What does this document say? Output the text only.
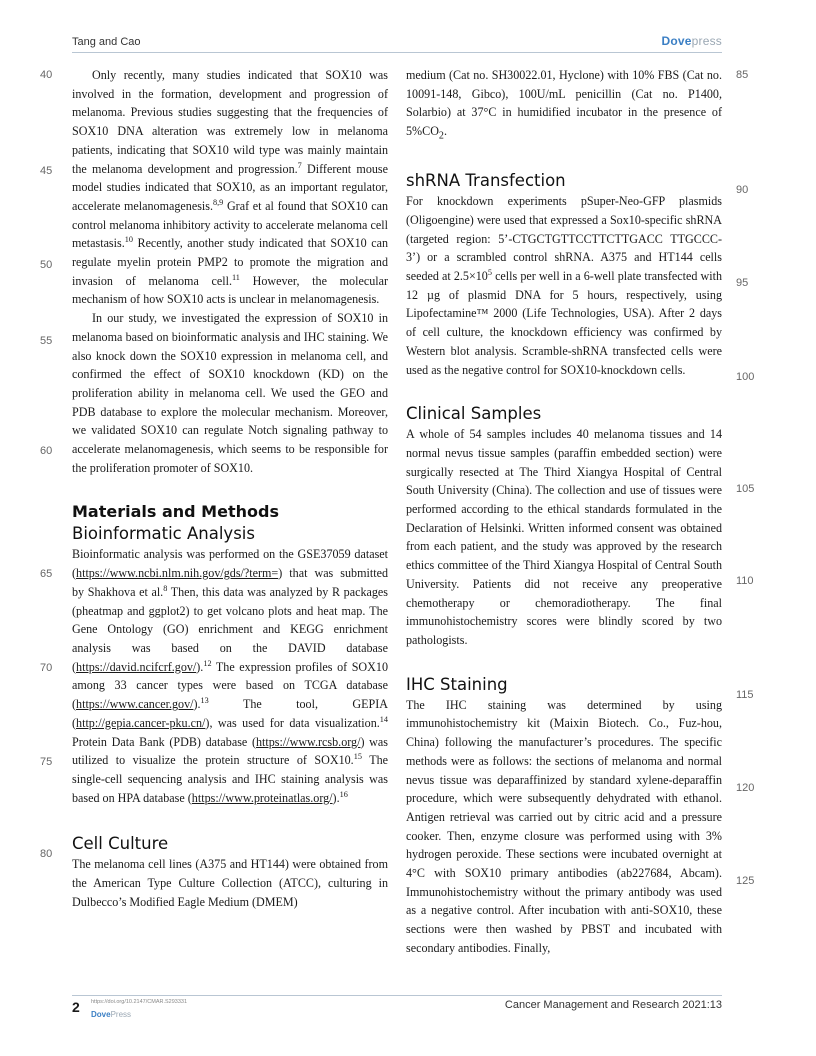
Tang and Cao	Dovepress

Only recently, many studies indicated that SOX10 was involved in the formation, development and progression of melanoma. Previous studies suggesting that the frequencies of SOX10 DNA alteration was extremely low in melanoma patients, indicating that SOX10 wild type was mainly maintain the melanoma development and progression.$^7$ Different mouse model studies indicated that SOX10, as an important regulator, accelerate melanomagenesis.$^{8,9}$ Graf et al found that SOX10 can control melanoma inhibitory activity to accelerate melanoma cell metastasis.$^{10}$ Recently, another study indicated that SOX10 can regulate myelin protein PMP2 to promote the migration and invasion of melanoma cell.$^{11}$ However, the molecular mechanism of how SOX10 acts is unclear in melanomagenesis.

In our study, we investigated the expression of SOX10 in melanoma based on bioinformatic analysis and IHC staining. We also knock down the SOX10 expression in melanoma cell, and confirmed the effect of SOX10 knockdown (KD) on the proliferation ability in melanoma cell. We used the GEO and PDB database to explore the molecular mechanism. Moreover, we validated SOX10 can regulate Notch signaling pathway to accelerate melanomagenesis, which seems to be responsible for the proliferation promoter of SOX10.

Materials and Methods
Bioinformatic Analysis

Bioinformatic analysis was performed on the GSE37059 dataset (https://www.ncbi.nlm.nih.gov/gds/?term=) that was submitted by Shakhova et al.$^8$ Then, this data was analyzed by R packages (pheatmap and ggplot2) to get volcano plots and heat map. The Gene Ontology (GO) enrichment and KEGG enrichment analysis was based on the DAVID database (https://david.ncifcrf.gov/).$^{12}$ The expression profiles of SOX10 among 33 cancer types were based on TCGA database (https://www.cancer.gov/).$^{13}$ The tool, GEPIA (http://gepia.cancer-pku.cn/), was used for data visualization.$^{14}$ Protein Data Bank (PDB) database (https://www.rcsb.org/) was utilized to visualize the protein structure of SOX10.15 The single-cell sequencing analysis and IHC staining analysis was based on HPA database (https://www.proteinatlas.org/).$^{16}$

Cell Culture

The melanoma cell lines (A375 and HT144) were obtained from the American Type Culture Collection (ATCC), culturing in Dulbecco’s Modified Eagle Medium (DMEM)

medium (Cat no. SH30022.01, Hyclone) with 10% FBS (Cat no. 10091-148, Gibco), 100U/mL penicillin (Cat no. P1400, Solarbio) at 37°C in humidified incubator in the presence of $5\%CO_2$.

shRNA Transfection

For knockdown experiments pSuper-Neo-GFP plasmids (Oligoengine) were used that expressed a Sox10-specific shRNA (targeted region: 5’-CTGCTGTTCCTTCTTGACC TTGCCC-3’) or a scrambled control shRNA. A375 and HT144 cells seeded at $2.5\times 10^5$ cells per well in a 6-well plate transfected with 12 µg of plasmid DNA for 5 hours, respectively, using Lipofectamine™ 2000 (Life Technologies, USA). After 2 days of cell culture, the knockdown efficiency was confirmed by Western blot analysis. Scramble-shRNA transfected cells were used as the negative control for SOX10-knockdown cells.

Clinical Samples

A whole of 54 samples includes 40 melanoma tissues and 14 normal nevus tissue samples (paraffin embedded section) were surgically resected at The Third Xiangya Hospital of Central South University (China). The collection and use of tissues were performed according to the ethical standards formulated in the Declaration of Helsinki. Written informed consent was obtained from each patient, and the study was approved by the research ethics committee of the Third Xiangya Hospital of Central South University. Patients did not receive any preoperative chemotherapy or chemoradiotherapy. The final immunohistochemistry scores were blindly scored by two pathologists.

IHC Staining

The IHC staining was determined by using immunohistochemistry kit (Maixin Biotech. Co., Fuz-hou, China) following the manufacturer’s procedures. The specific methods were as follows: the sections of melanoma and normal nevus tissue was deparaffinized by standard xylene-deparaffin procedure, which were subsequently dehydrated with ethanol. Antigen retrieval was carried out by citric acid and a pressure cooker. Then, enzyme closure was performed using with 3% hydrogen peroxide. These sections were incubated overnight at 4°C with SOX10 primary antibodies (ab227684, Abcam). Immunohistochemistry without the primary antibody was used as a negative control. After incubation with anti-SOX10, these sections were then washed by PBST and incubated with secondary antibodies. Finally,

40
45
50
55
60
65
70
75
80
85
90
95
100
105
110
115
120
125
2 https://doi.org/10.2147/CMAR.S293331
DovePress
Cancer Management and Research 2021:13
